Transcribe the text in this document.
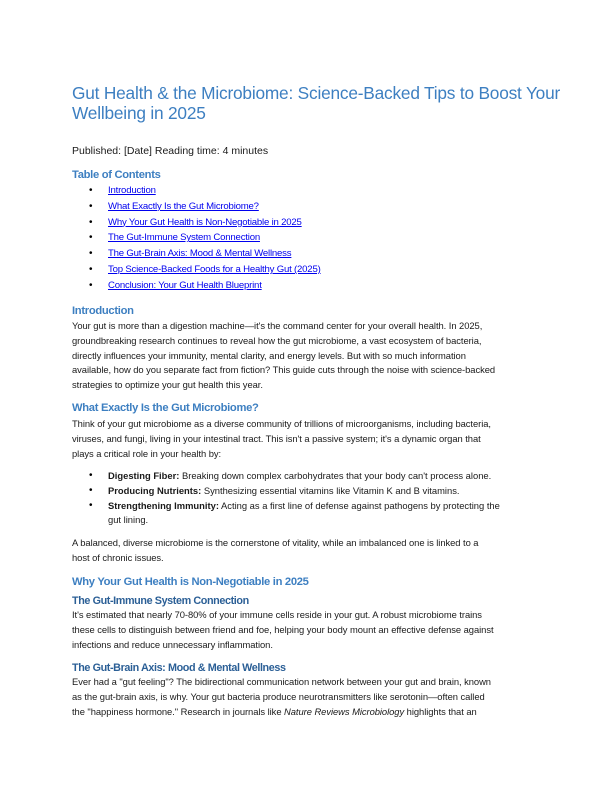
Gut Health & the Microbiome: Science-Backed Tips to Boost Your
Wellbeing in 2025
Published: [Date] Reading time: 4 minutes
Table of Contents
• Introduction
• What Exactly Is the Gut Microbiome?
• Why Your Gut Health is Non-Negotiable in 2025
• The Gut-Immune System Connection
• The Gut-Brain Axis: Mood & Mental Wellness
• Top Science-Backed Foods for a Healthy Gut (2025)
• Conclusion: Your Gut Health Blueprint
Introduction
Your gut is more than a digestion machine—it's the command center for your overall health. In 2025,
groundbreaking research continues to reveal how the gut microbiome, a vast ecosystem of bacteria,
directly influences your immunity, mental clarity, and energy levels. But with so much information
available, how do you separate fact from fiction? This guide cuts through the noise with science-backed
strategies to optimize your gut health this year.
What Exactly Is the Gut Microbiome?
Think of your gut microbiome as a diverse community of trillions of microorganisms, including bacteria,
viruses, and fungi, living in your intestinal tract. This isn't a passive system; it's a dynamic organ that
plays a critical role in your health by:
• Digesting Fiber: Breaking down complex carbohydrates that your body can't process alone.
• Producing Nutrients: Synthesizing essential vitamins like Vitamin K and B vitamins.
• Strengthening Immunity: Acting as a first line of defense against pathogens by protecting the
gut lining.
A balanced, diverse microbiome is the cornerstone of vitality, while an imbalanced one is linked to a
host of chronic issues.
Why Your Gut Health is Non-Negotiable in 2025
The Gut-Immune System Connection
It's estimated that nearly 70-80% of your immune cells reside in your gut. A robust microbiome trains
these cells to distinguish between friend and foe, helping your body mount an effective defense against
infections and reduce unnecessary inflammation.
The Gut-Brain Axis: Mood & Mental Wellness
Ever had a "gut feeling"? The bidirectional communication network between your gut and brain, known
as the gut-brain axis, is why. Your gut bacteria produce neurotransmitters like serotonin—often called
the "happiness hormone." Research in journals like Nature Reviews Microbiology highlights that an
